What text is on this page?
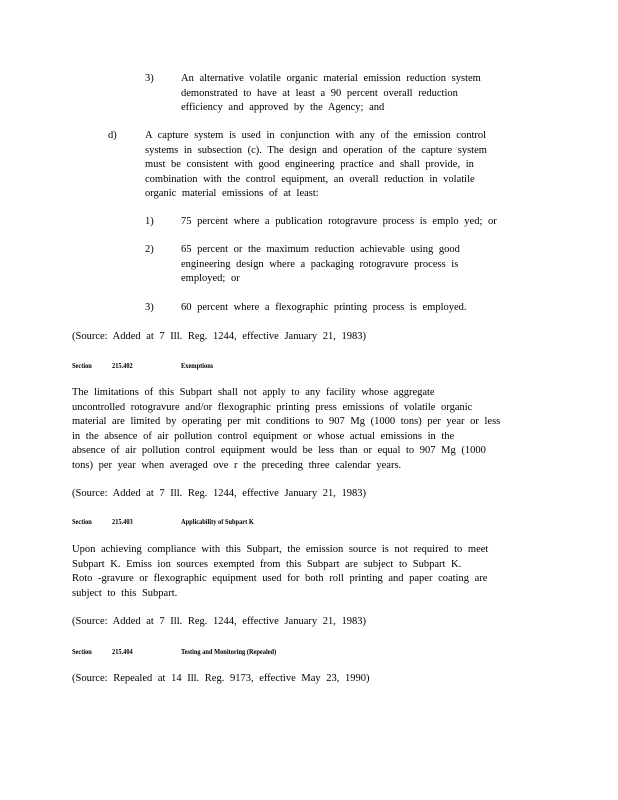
3)	An alternative volatile organic material emission reduction system
demonstrated to have at least a 90 percent overall reduction
efficiency and approved by the Agency; and
d)	A capture system is used in conjunction with any of the emission control
systems in subsection (c). The design and operation of the capture system
must be consistent with good engineering practice and shall provide, in
combination with the control equipment, an overall reduction in volatile
organic material emissions of at least:
1)	75 percent where a publication rotogravure process is emplo yed; or
2)	65 percent or the maximum reduction achievable using good
engineering design where a packaging rotogravure process is
employed; or
3)	60 percent where a flexographic printing process is employed.
(Source: Added at 7 Ill. Reg. 1244, effective January 21, 1983)
Section	215.402	Exemptions
The limitations of this Subpart shall not apply to any facility whose aggregate
uncontrolled rotogravure and/or flexographic printing press emissions of volatile organic
material are limited by operating per mit conditions to 907 Mg (1000 tons) per year or less
in the absence of air pollution control equipment or whose actual emissions in the
absence of air pollution control equipment would be less than or equal to 907 Mg (1000
tons) per year when averaged ove r the preceding three calendar years.
(Source: Added at 7 Ill. Reg. 1244, effective January 21, 1983)
Section	215.403	Applicability of Subpart K
Upon achieving compliance with this Subpart, the emission source is not required to meet
Subpart K. Emiss ion sources exempted from this Subpart are subject to Subpart K.
Roto -gravure or flexographic equipment used for both roll printing and paper coating are
subject to this Subpart.
(Source: Added at 7 Ill. Reg. 1244, effective January 21, 1983)
Section	215.404	Testing and Monitoring (Repealed)
(Source: Repealed at 14 Ill. Reg. 9173, effective May 23, 1990)
